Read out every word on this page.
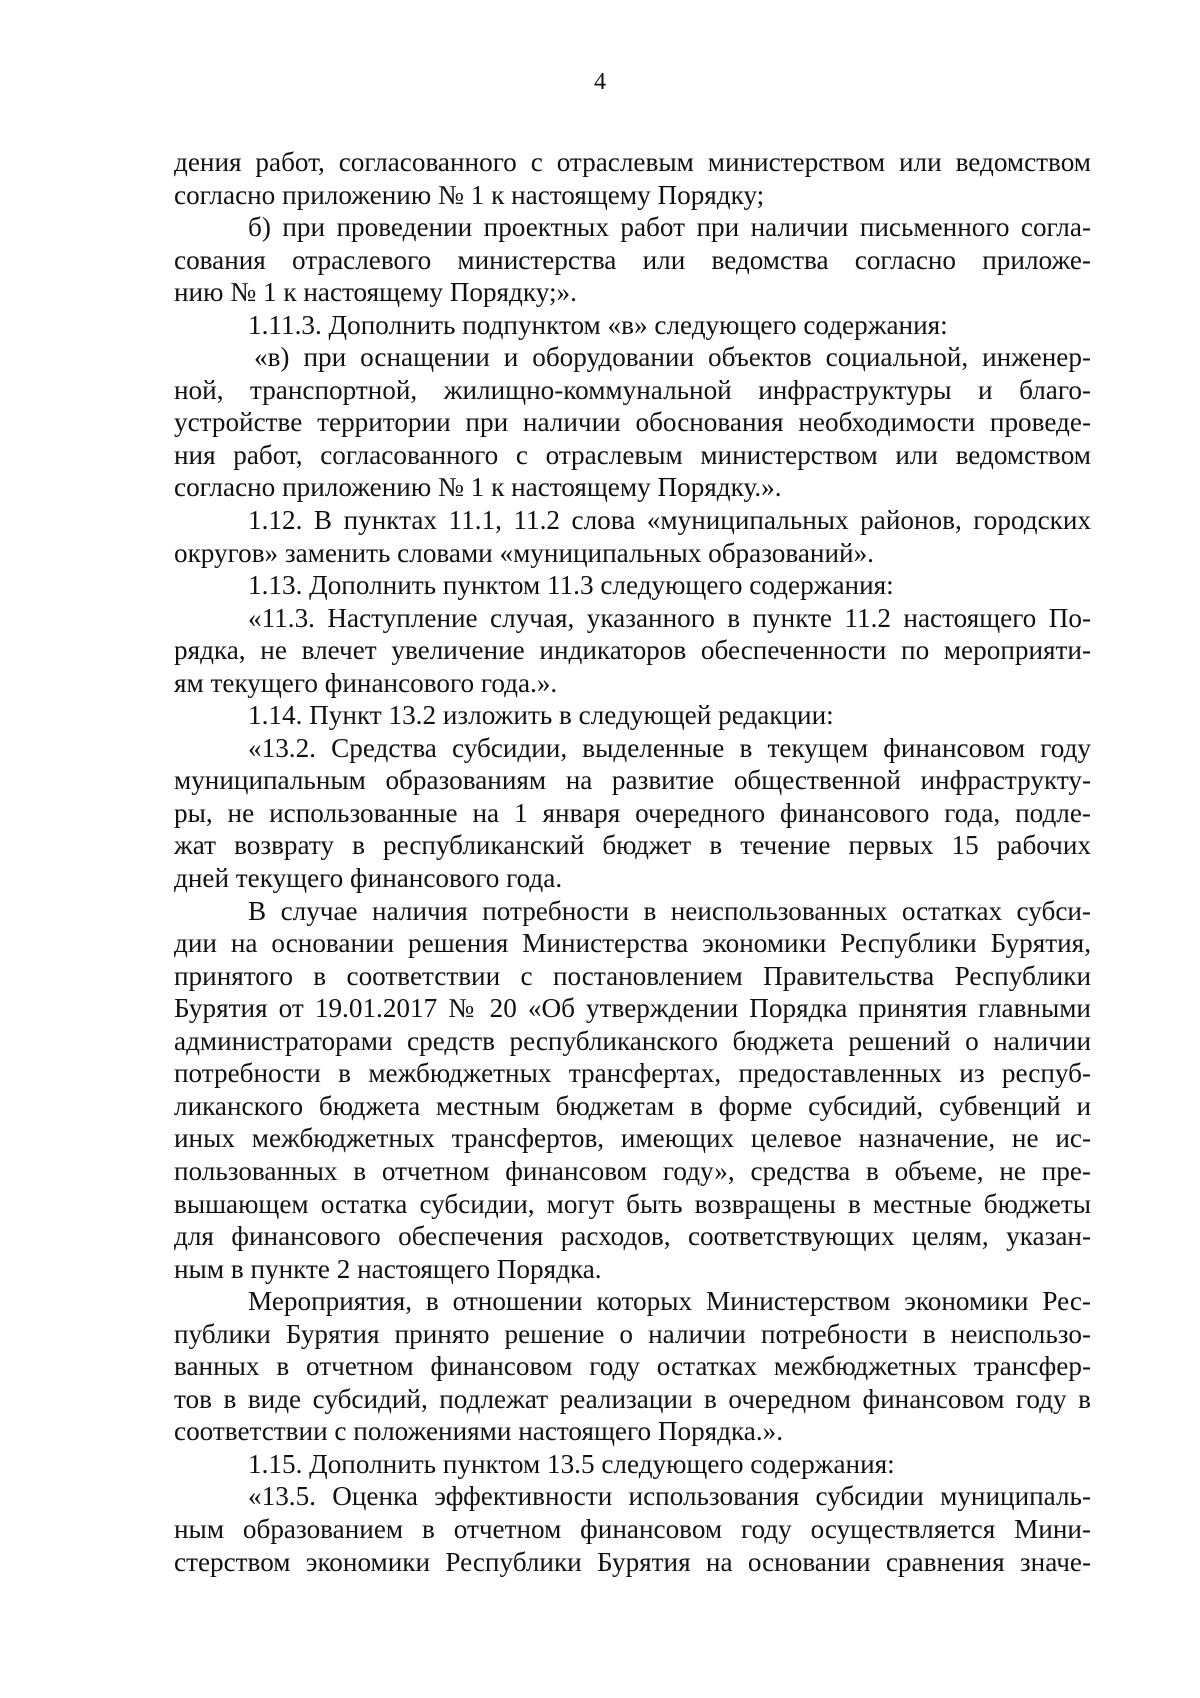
4
дения работ, согласованного с отраслевым министерством или ведомством
согласно приложению № 1 к настоящему Порядку;
б) при проведении проектных работ при наличии письменного согла-
сования отраслевого министерства или ведомства согласно приложе-
нию № 1 к настоящему Порядку;».
1.11.3. Дополнить подпунктом «в» следующего содержания:
«в) при оснащении и оборудовании объектов социальной, инженер-
ной, транспортной, жилищно-коммунальной инфраструктуры и благо-
устройстве территории при наличии обоснования необходимости проведе-
ния работ, согласованного с отраслевым министерством или ведомством
согласно приложению № 1 к настоящему Порядку.».
1.12. В пунктах 11.1, 11.2 слова «муниципальных районов, городских
округов» заменить словами «муниципальных образований».
1.13. Дополнить пунктом 11.3 следующего содержания:
«11.3. Наступление случая, указанного в пункте 11.2 настоящего По-
рядка, не влечет увеличение индикаторов обеспеченности по мероприяти-
ям текущего финансового года.».
1.14. Пункт 13.2 изложить в следующей редакции:
«13.2. Средства субсидии, выделенные в текущем финансовом году
муниципальным образованиям на развитие общественной инфраструкту-
ры, не использованные на 1 января очередного финансового года, подле-
жат возврату в республиканский бюджет в течение первых 15 рабочих
дней текущего финансового года.
В случае наличия потребности в неиспользованных остатках субси-
дии на основании решения Министерства экономики Республики Бурятия,
принятого в соответствии с постановлением Правительства Республики
Бурятия от 19.01.2017 № 20 «Об утверждении Порядка принятия главными
администраторами средств республиканского бюджета решений о наличии
потребности в межбюджетных трансфертах, предоставленных из респуб-
ликанского бюджета местным бюджетам в форме субсидий, субвенций и
иных межбюджетных трансфертов, имеющих целевое назначение, не ис-
пользованных в отчетном финансовом году», средства в объеме, не пре-
вышающем остатка субсидии, могут быть возвращены в местные бюджеты
для финансового обеспечения расходов, соответствующих целям, указан-
ным в пункте 2 настоящего Порядка.
Мероприятия, в отношении которых Министерством экономики Рес-
публики Бурятия принято решение о наличии потребности в неиспользо-
ванных в отчетном финансовом году остатках межбюджетных трансфер-
тов в виде субсидий, подлежат реализации в очередном финансовом году в
соответствии с положениями настоящего Порядка.».
1.15. Дополнить пунктом 13.5 следующего содержания:
«13.5. Оценка эффективности использования субсидии муниципаль-
ным образованием в отчетном финансовом году осуществляется Мини-
стерством экономики Республики Бурятия на основании сравнения значе-
